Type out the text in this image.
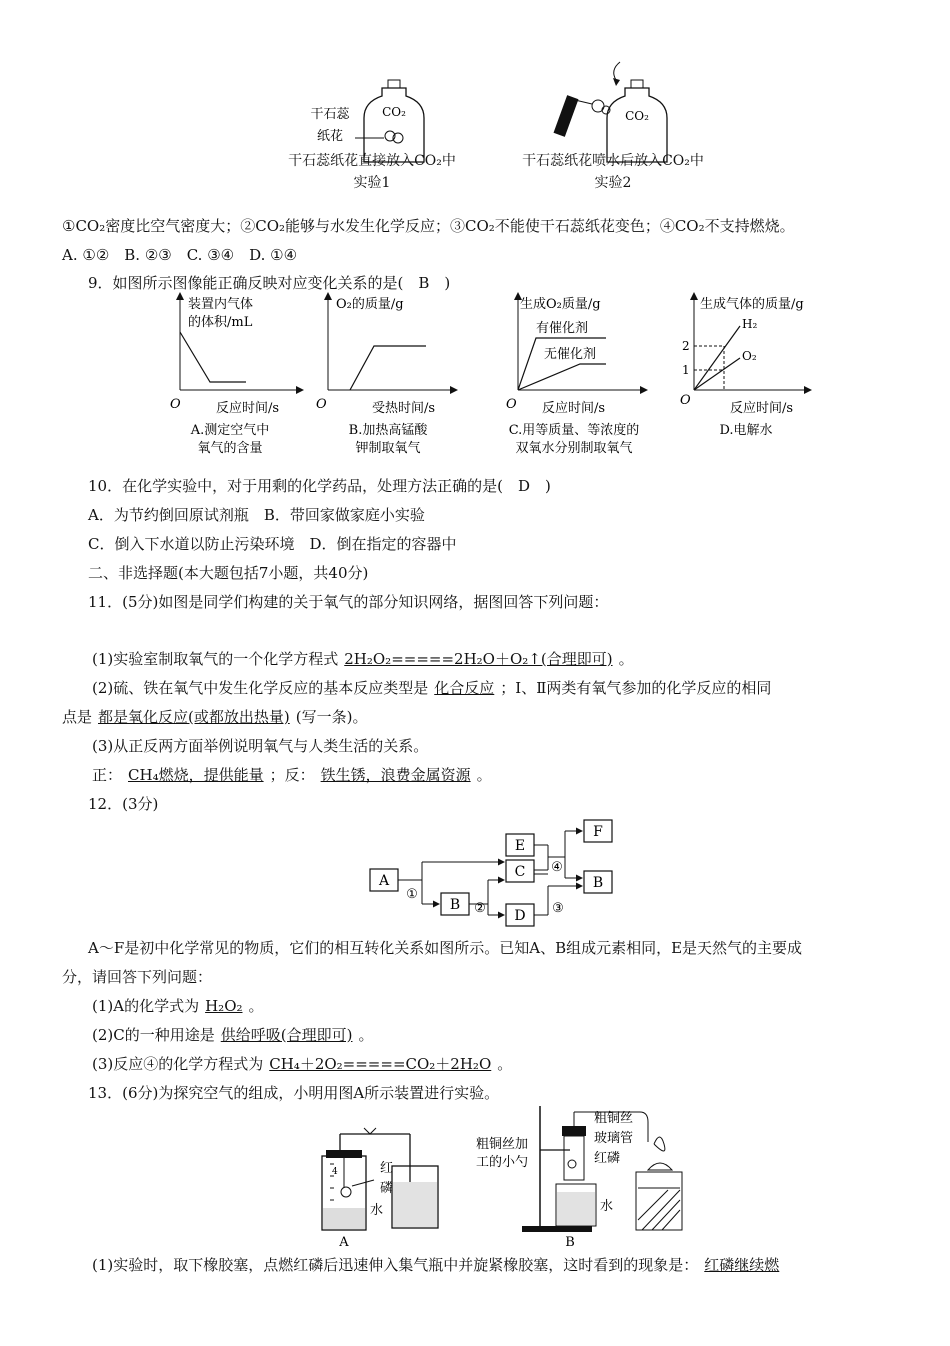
CO₂
干石蕊
纸花
CO₂
干石蕊纸花直接放入CO₂中
实验1
干石蕊纸花喷水后放入CO₂中
实验2
①CO₂密度比空气密度大；②CO₂能够与水发生化学反应；③CO₂不能使干石蕊纸花变色；④CO₂不支持燃烧。
A. ①②　B. ②③　C. ③④　D. ①④
9．如图所示图像能正确反映对应变化关系的是(　B　)
装置内气体
的体积/mL
O	反应时间/s
A.测定空气中
氧气的含量
O₂的质量/g
O	受热时间/s
B.加热高锰酸
钾制取氧气
生成O₂质量/g
有催化剂
无催化剂
O 反应时间/s
C.用等质量、等浓度的
双氧水分别制取氧气
生成气体的质量/g
H₂
O₂
2
1
O
反应时间/s
D.电解水
10．在化学实验中，对于用剩的化学药品，处理方法正确的是(　D　)
A．为节约倒回原试剂瓶　B．带回家做家庭小实验
C．倒入下水道以防止污染环境　D．倒在指定的容器中
二、非选择题(本大题包括7小题，共40分)
11．(5分)如图是同学们构建的关于氧气的部分知识网络，据图回答下列问题：
(1)实验室制取氧气的一个化学方程式 2H₂O₂=====2H₂O＋O₂↑(合理即可) 。
(2)硫、铁在氧气中发生化学反应的基本反应类型是 化合反应 ；Ⅰ、Ⅱ两类有氧气参加的化学反应的相同
点是 都是氧化反应(或都放出热量) (写一条)。
(3)从正反两方面举例说明氧气与人类生活的关系。
正： CH₄燃烧，提供能量 ；反： 铁生锈，浪费金属资源 。
12．(3分)
A
B
E
C
D
F
B
①
②
④
③
A～F是初中化学常见的物质，它们的相互转化关系如图所示。已知A、B组成元素相同，E是天然气的主要成
分，请回答下列问题：
(1)A的化学式为 H₂O₂ 。
(2)C的一种用途是 供给呼吸(合理即可) 。
(3)反应④的化学方程式为 CH₄＋2O₂=====CO₂＋2H₂O 。
13．(6分)为探究空气的组成，小明用图A所示装置进行实验。
4	红
磷
水
A
粗铜丝加
工的小勺
粗铜丝
玻璃管
红磷
水
B
(1)实验时，取下橡胶塞，点燃红磷后迅速伸入集气瓶中并旋紧橡胶塞，这时看到的现象是： 红磷继续燃
